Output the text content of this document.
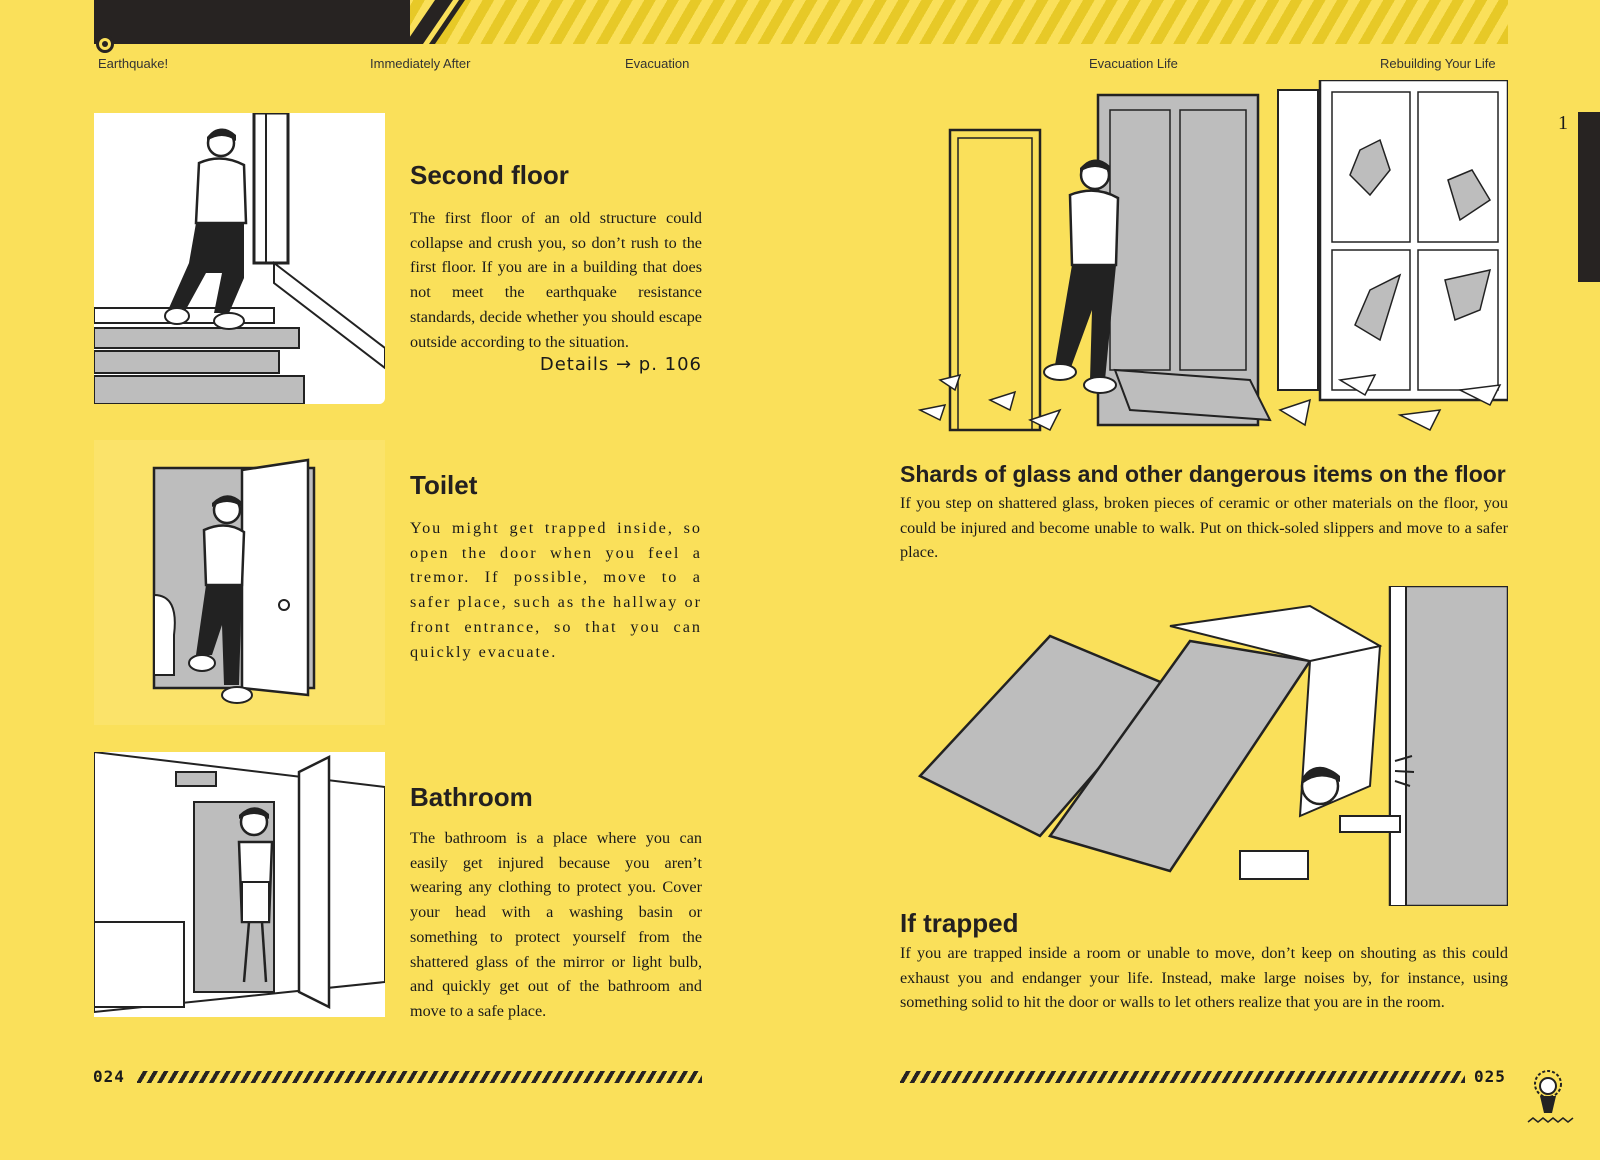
Earthquake!	Immediately After	Evacuation	Evacuation Life	Rebuilding Your Life
1
Second floor

The first floor of an old structure could collapse and crush you, so don’t rush to the first floor. If you are in a building that does not meet the earthquake resistance standards, decide whether you should escape outside according to the situation.

Details → p. 106
Toilet

You might get trapped inside, so open the door when you feel a tremor. If possible, move to a safer place, such as the hallway or front entrance, so that you can quickly evacuate.

Bathroom

The bathroom is a place where you can easily get injured because you aren’t wearing any clothing to protect you. Cover your head with a washing basin or something to protect yourself from the shattered glass of the mirror or light bulb, and quickly get out of the bathroom and move to a safe place.

024
Shards of glass and other dangerous items on the floor

If you step on shattered glass, broken pieces of ceramic or other materials on the floor, you could be injured and become unable to walk. Put on thick-soled slippers and move to a safer place.

If trapped

If you are trapped inside a room or unable to move, don’t keep on shouting as this could exhaust you and endanger your life. Instead, make large noises by, for instance, using something solid to hit the door or walls to let others realize that you are in the room.

025
